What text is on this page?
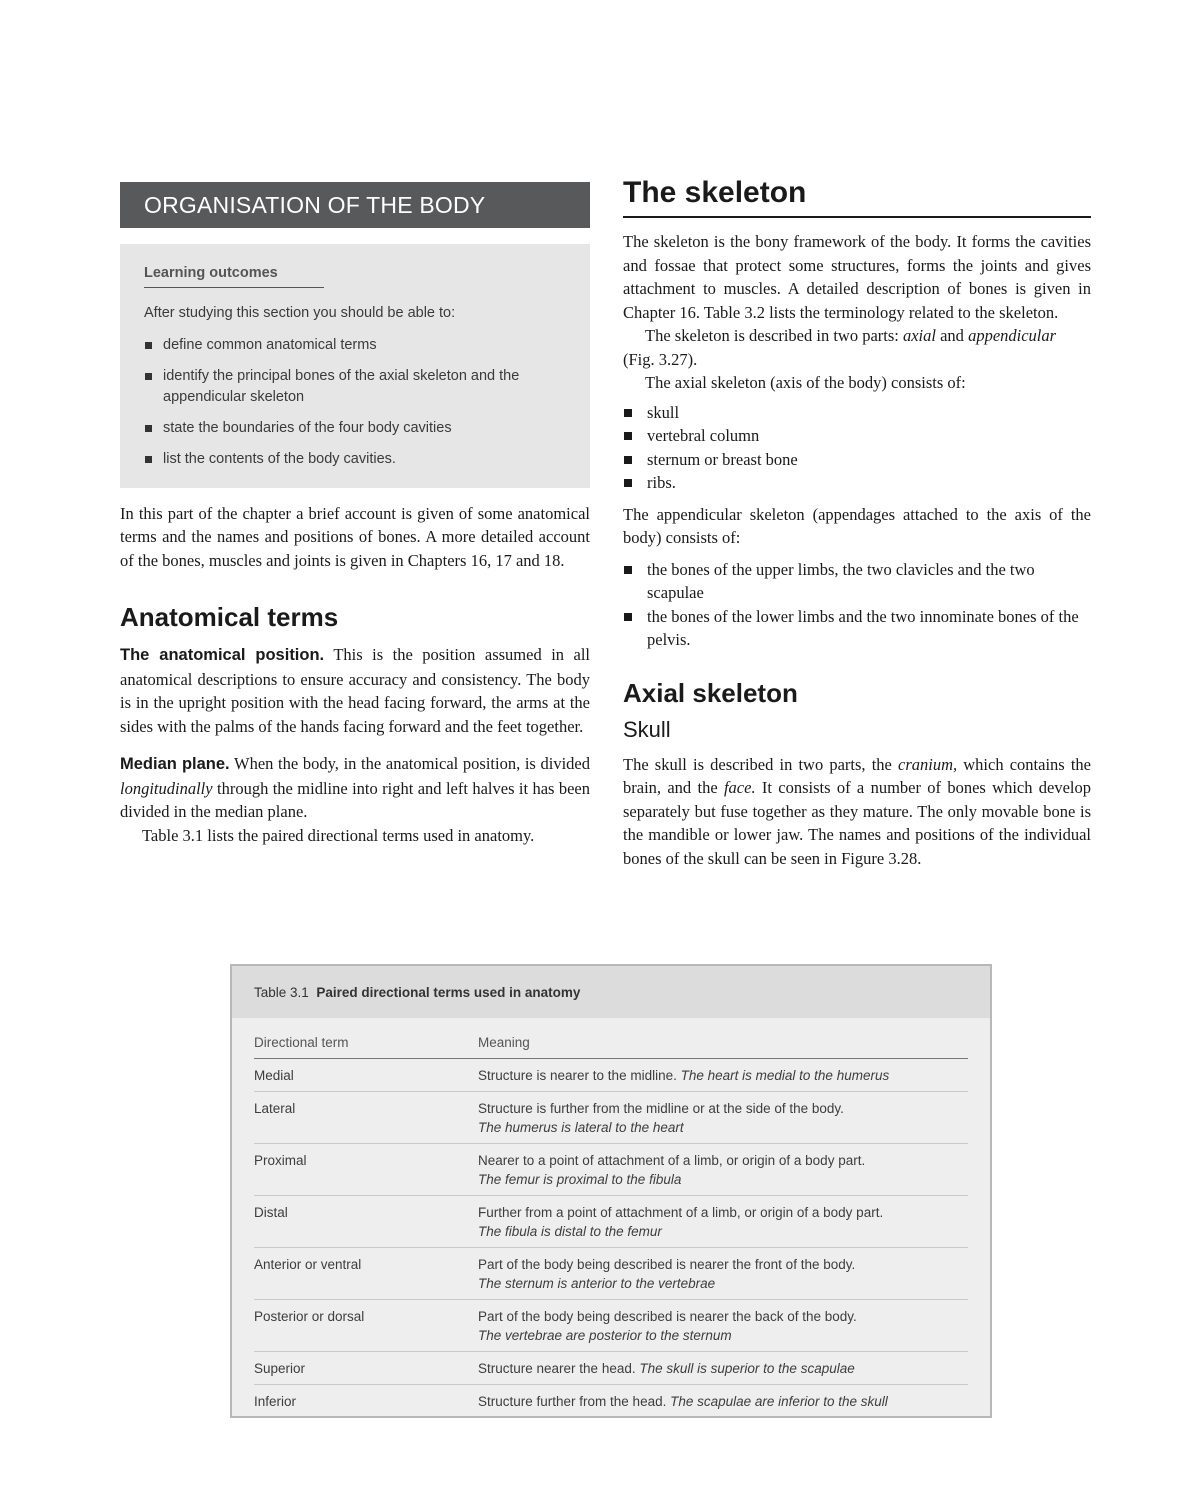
ORGANISATION OF THE BODY
Learning outcomes

After studying this section you should be able to:

define common anatomical terms
identify the principal bones of the axial skeleton and the appendicular skeleton
state the boundaries of the four body cavities
list the contents of the body cavities.

In this part of the chapter a brief account is given of some anatomical terms and the names and positions of bones. A more detailed account of the bones, muscles and joints is given in Chapters 16, 17 and 18.

Anatomical terms

The anatomical position. This is the position assumed in all anatomical descriptions to ensure accuracy and consistency. The body is in the upright position with the head facing forward, the arms at the sides with the palms of the hands facing forward and the feet together.

Median plane. When the body, in the anatomical position, is divided longitudinally through the midline into right and left halves it has been divided in the median plane.

Table 3.1 lists the paired directional terms used in anatomy.

The skeleton

The skeleton is the bony framework of the body. It forms the cavities and fossae that protect some structures, forms the joints and gives attachment to muscles. A detailed description of bones is given in Chapter 16. Table 3.2 lists the terminology related to the skeleton.

The skeleton is described in two parts: axial and appendicular (Fig. 3.27).

The axial skeleton (axis of the body) consists of:

skull
vertebral column
sternum or breast bone
ribs.

The appendicular skeleton (appendages attached to the axis of the body) consists of:

the bones of the upper limbs, the two clavicles and the two scapulae
the bones of the lower limbs and the two innominate bones of the pelvis.
Axial skeleton
Skull

The skull is described in two parts, the cranium, which contains the brain, and the face. It consists of a number of bones which develop separately but fuse together as they mature. The only movable bone is the mandible or lower jaw. The names and positions of the individual bones of the skull can be seen in Figure 3.28.

Table 3.1 Paired directional terms used in anatomy
Directional term	Meaning
Medial	Structure is nearer to the midline. The heart is medial to the humerus
Lateral	Structure is further from the midline or at the side of the body.
The humerus is lateral to the heart
Proximal	Nearer to a point of attachment of a limb, or origin of a body part.
The femur is proximal to the fibula
Distal	Further from a point of attachment of a limb, or origin of a body part.
The fibula is distal to the femur
Anterior or ventral	Part of the body being described is nearer the front of the body.
The sternum is anterior to the vertebrae
Posterior or dorsal	Part of the body being described is nearer the back of the body.
The vertebrae are posterior to the sternum
Superior	Structure nearer the head. The skull is superior to the scapulae
Inferior	Structure further from the head. The scapulae are inferior to the skull
